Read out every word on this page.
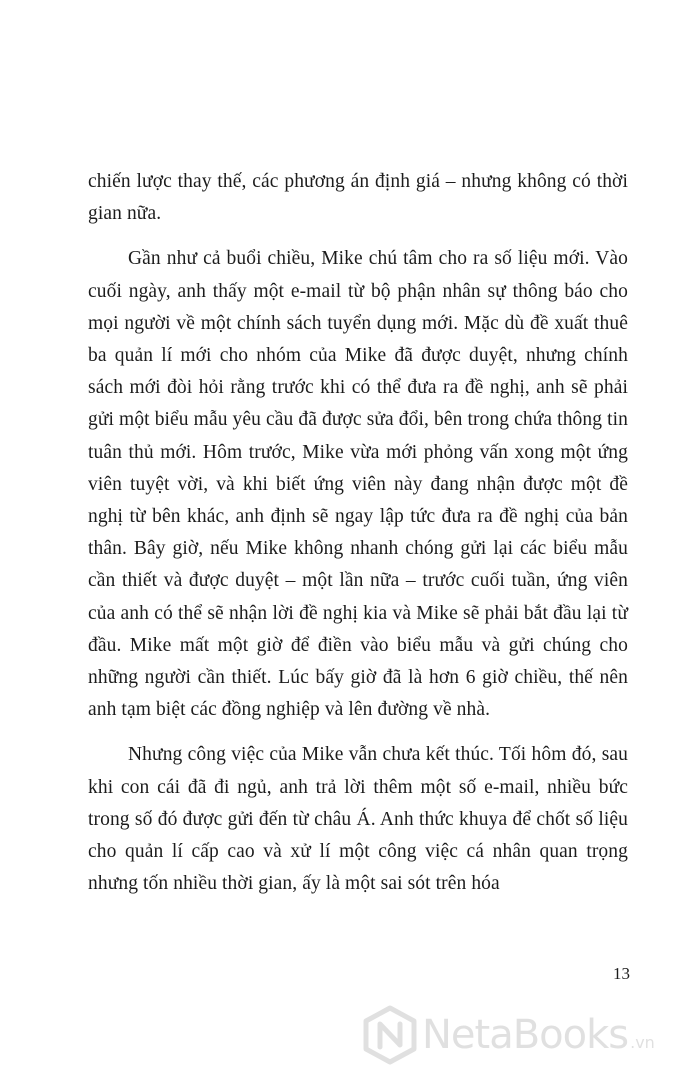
chiến lược thay thế, các phương án định giá – nhưng không có thời gian nữa.

Gần như cả buổi chiều, Mike chú tâm cho ra số liệu mới. Vào cuối ngày, anh thấy một e-mail từ bộ phận nhân sự thông báo cho mọi người về một chính sách tuyển dụng mới. Mặc dù đề xuất thuê ba quản lí mới cho nhóm của Mike đã được duyệt, nhưng chính sách mới đòi hỏi rằng trước khi có thể đưa ra đề nghị, anh sẽ phải gửi một biểu mẫu yêu cầu đã được sửa đổi, bên trong chứa thông tin tuân thủ mới. Hôm trước, Mike vừa mới phỏng vấn xong một ứng viên tuyệt vời, và khi biết ứng viên này đang nhận được một đề nghị từ bên khác, anh định sẽ ngay lập tức đưa ra đề nghị của bản thân. Bây giờ, nếu Mike không nhanh chóng gửi lại các biểu mẫu cần thiết và được duyệt – một lần nữa – trước cuối tuần, ứng viên của anh có thể sẽ nhận lời đề nghị kia và Mike sẽ phải bắt đầu lại từ đầu. Mike mất một giờ để điền vào biểu mẫu và gửi chúng cho những người cần thiết. Lúc bấy giờ đã là hơn 6 giờ chiều, thế nên anh tạm biệt các đồng nghiệp và lên đường về nhà.

Nhưng công việc của Mike vẫn chưa kết thúc. Tối hôm đó, sau khi con cái đã đi ngủ, anh trả lời thêm một số e-mail, nhiều bức trong số đó được gửi đến từ châu Á. Anh thức khuya để chốt số liệu cho quản lí cấp cao và xử lí một công việc cá nhân quan trọng nhưng tốn nhiều thời gian, ấy là một sai sót trên hóa

13
NetaBooks .vn
